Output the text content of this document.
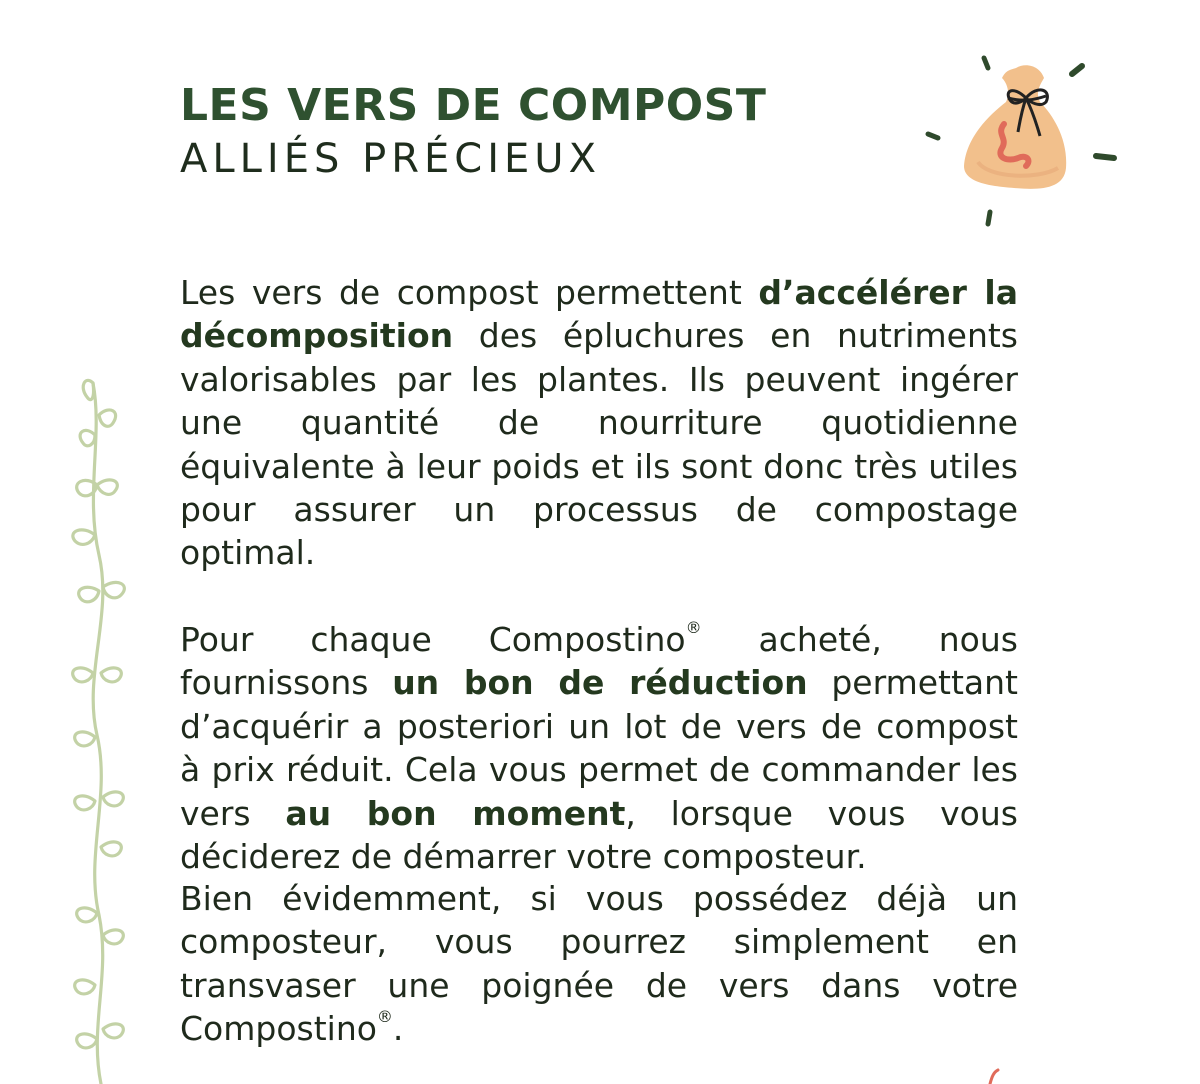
LES VERS DE COMPOST
ALLIÉS PRÉCIEUX

Les vers de compost permettent d’accélérer la décomposition des épluchures en nutriments valorisables par les plantes. Ils peuvent ingérer une quantité de nourriture quotidienne équivalente à leur poids et ils sont donc très utiles pour assurer un processus de compostage optimal.

Pour chaque Compostino® acheté, nous fournissons un bon de réduction permettant d’acquérir a posteriori un lot de vers de compost à prix réduit. Cela vous permet de commander les vers au bon moment, lorsque vous vous déciderez de démarrer votre composteur.

Bien évidemment, si vous possédez déjà un composteur, vous pourrez simplement en transvaser une poignée de vers dans votre Compostino®.
